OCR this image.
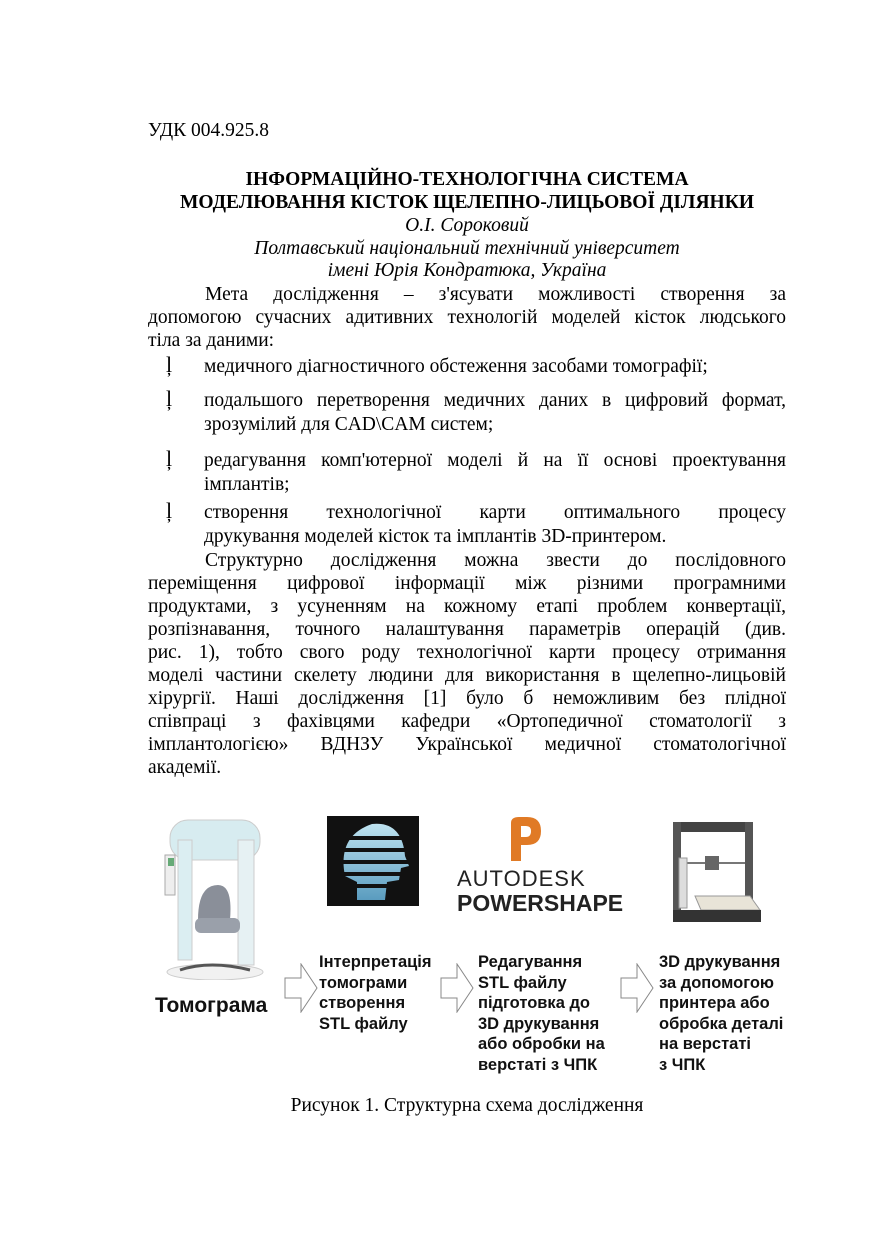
УДК 004.925.8
ІНФОРМАЦІЙНО-ТЕХНОЛОГІЧНА СИСТЕМА
МОДЕЛЮВАННЯ КІСТОК ЩЕЛЕПНО-ЛИЦЬОВОЇ ДІЛЯНКИ
О.І. Сороковий
Полтавський національний технічний університет
імені Юрія Кондратюка, Україна
Мета дослідження – з'ясувати можливості створення за
допомогою сучасних адитивних технологій моделей кісток людського
тіла за даними:
ļ медичного діагностичного обстеження засобами томографії;
ļ подальшого перетворення медичних даних в цифровий формат,
зрозумілий для CAD\CAM систем;
ļ редагування комп'ютерної моделі й на її основі проектування
імплантів;
ļ створення технологічної карти оптимального процесу
друкування моделей кісток та імплантів 3D-принтером.
Структурно дослідження можна звести до послідовного
переміщення цифрової інформації між різними програмними
продуктами, з усуненням на кожному етапі проблем конвертації,
розпізнавання, точного налаштування параметрів операцій (див.
рис. 1), тобто свого роду технологічної карти процесу отримання
моделі частини скелету людини для використання в щелепно-лицьовій
хірургії. Наші дослідження [1] було б неможливим без плідної
співпраці з фахівцями кафедри «Ортопедичної стоматології з
імплантологією» ВДНЗУ Української медичної стоматологічної
академії.
AUTODESK
POWERSHAPE
Томограма
Інтерпретація
томограми
створення
STL файлу
Редагування
STL файлу
підготовка до
3D друкування
або обробки на
верстаті з ЧПК
3D друкування
за допомогою
принтера або
обробка деталі
на верстаті
з ЧПК
Рисунок 1. Структурна схема дослідження
